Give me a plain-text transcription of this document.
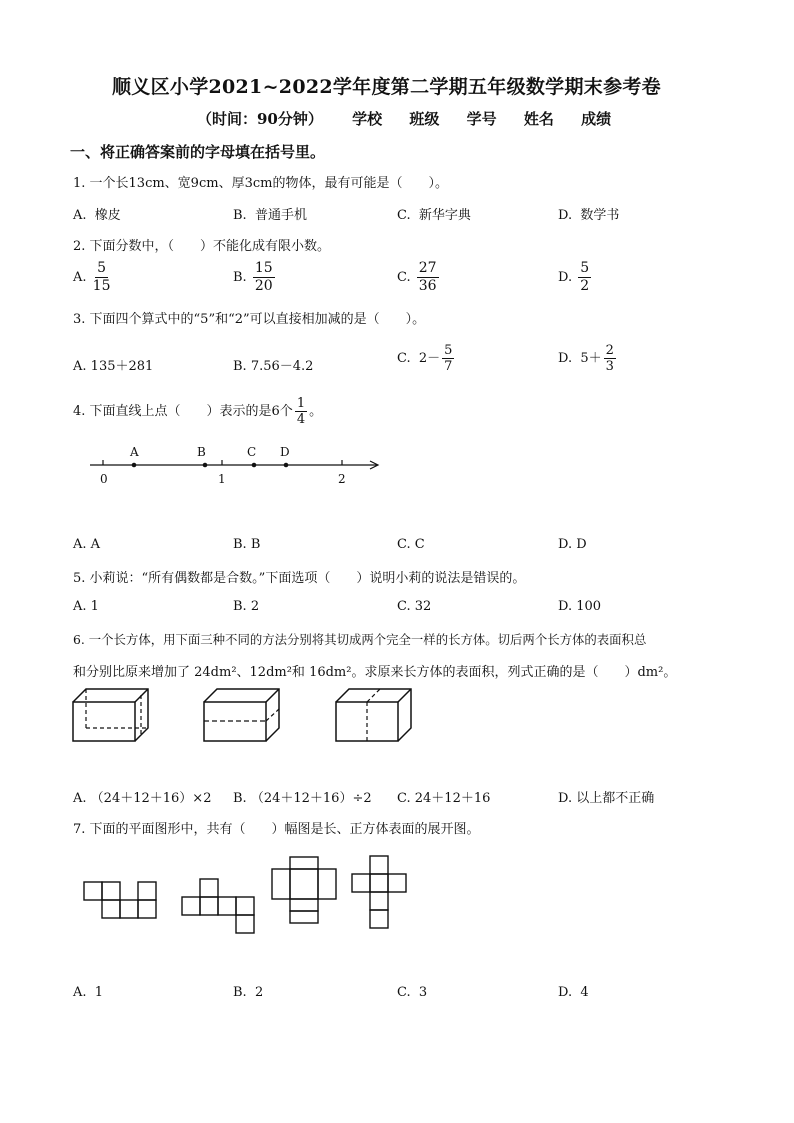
顺义区小学2021~2022学年度第二学期五年级数学期末参考卷
（时间：90分钟） 学校 班级 学号 姓名 成绩
一、将正确答案前的字母填在括号里。
1. 一个长13cm、宽9cm、厚3cm的物体，最有可能是（　　）。
A. 橡皮	B. 普通手机	C. 新华字典	D. 数学书
2. 下面分数中，（　　）不能化成有限小数。
A. $\frac{5}{15}$	B. $\frac{15}{20}$	C. $\frac{27}{36}$	D. $\frac{5}{2}$
3. 下面四个算式中的“5”和“2”可以直接相加减的是（　　）。
A. 135＋281	B. 7.56－4.2
C. $2- \frac{5}{7}$	D. $5+ \frac{2}{3}$
4. 下面直线上点（　　）表示的是6个 $\frac{1}{4}$ 。
0	1	2
A	B	C D
A. A	B. B	C. C	D. D
5. 小莉说：“所有偶数都是合数。”下面选项（　　）说明小莉的说法是错误的。
A. 1	B. 2	C. 32	D. 100
6. 一个长方体，用下面三种不同的方法分别将其切成两个完全一样的长方体。切后两个长方体的表面积总
和分别比原来增加了 24dm²、12dm²和 16dm²。求原来长方体的表面积，列式正确的是（　　）dm²。
A. （24＋12＋16）×2 B. （24＋12＋16）÷2 C. 24＋12＋16	D. 以上都不正确
7. 下面的平面图形中，共有（　　）幅图是长、正方体表面的展开图。
A. 1	B. 2	C. 3	D. 4
